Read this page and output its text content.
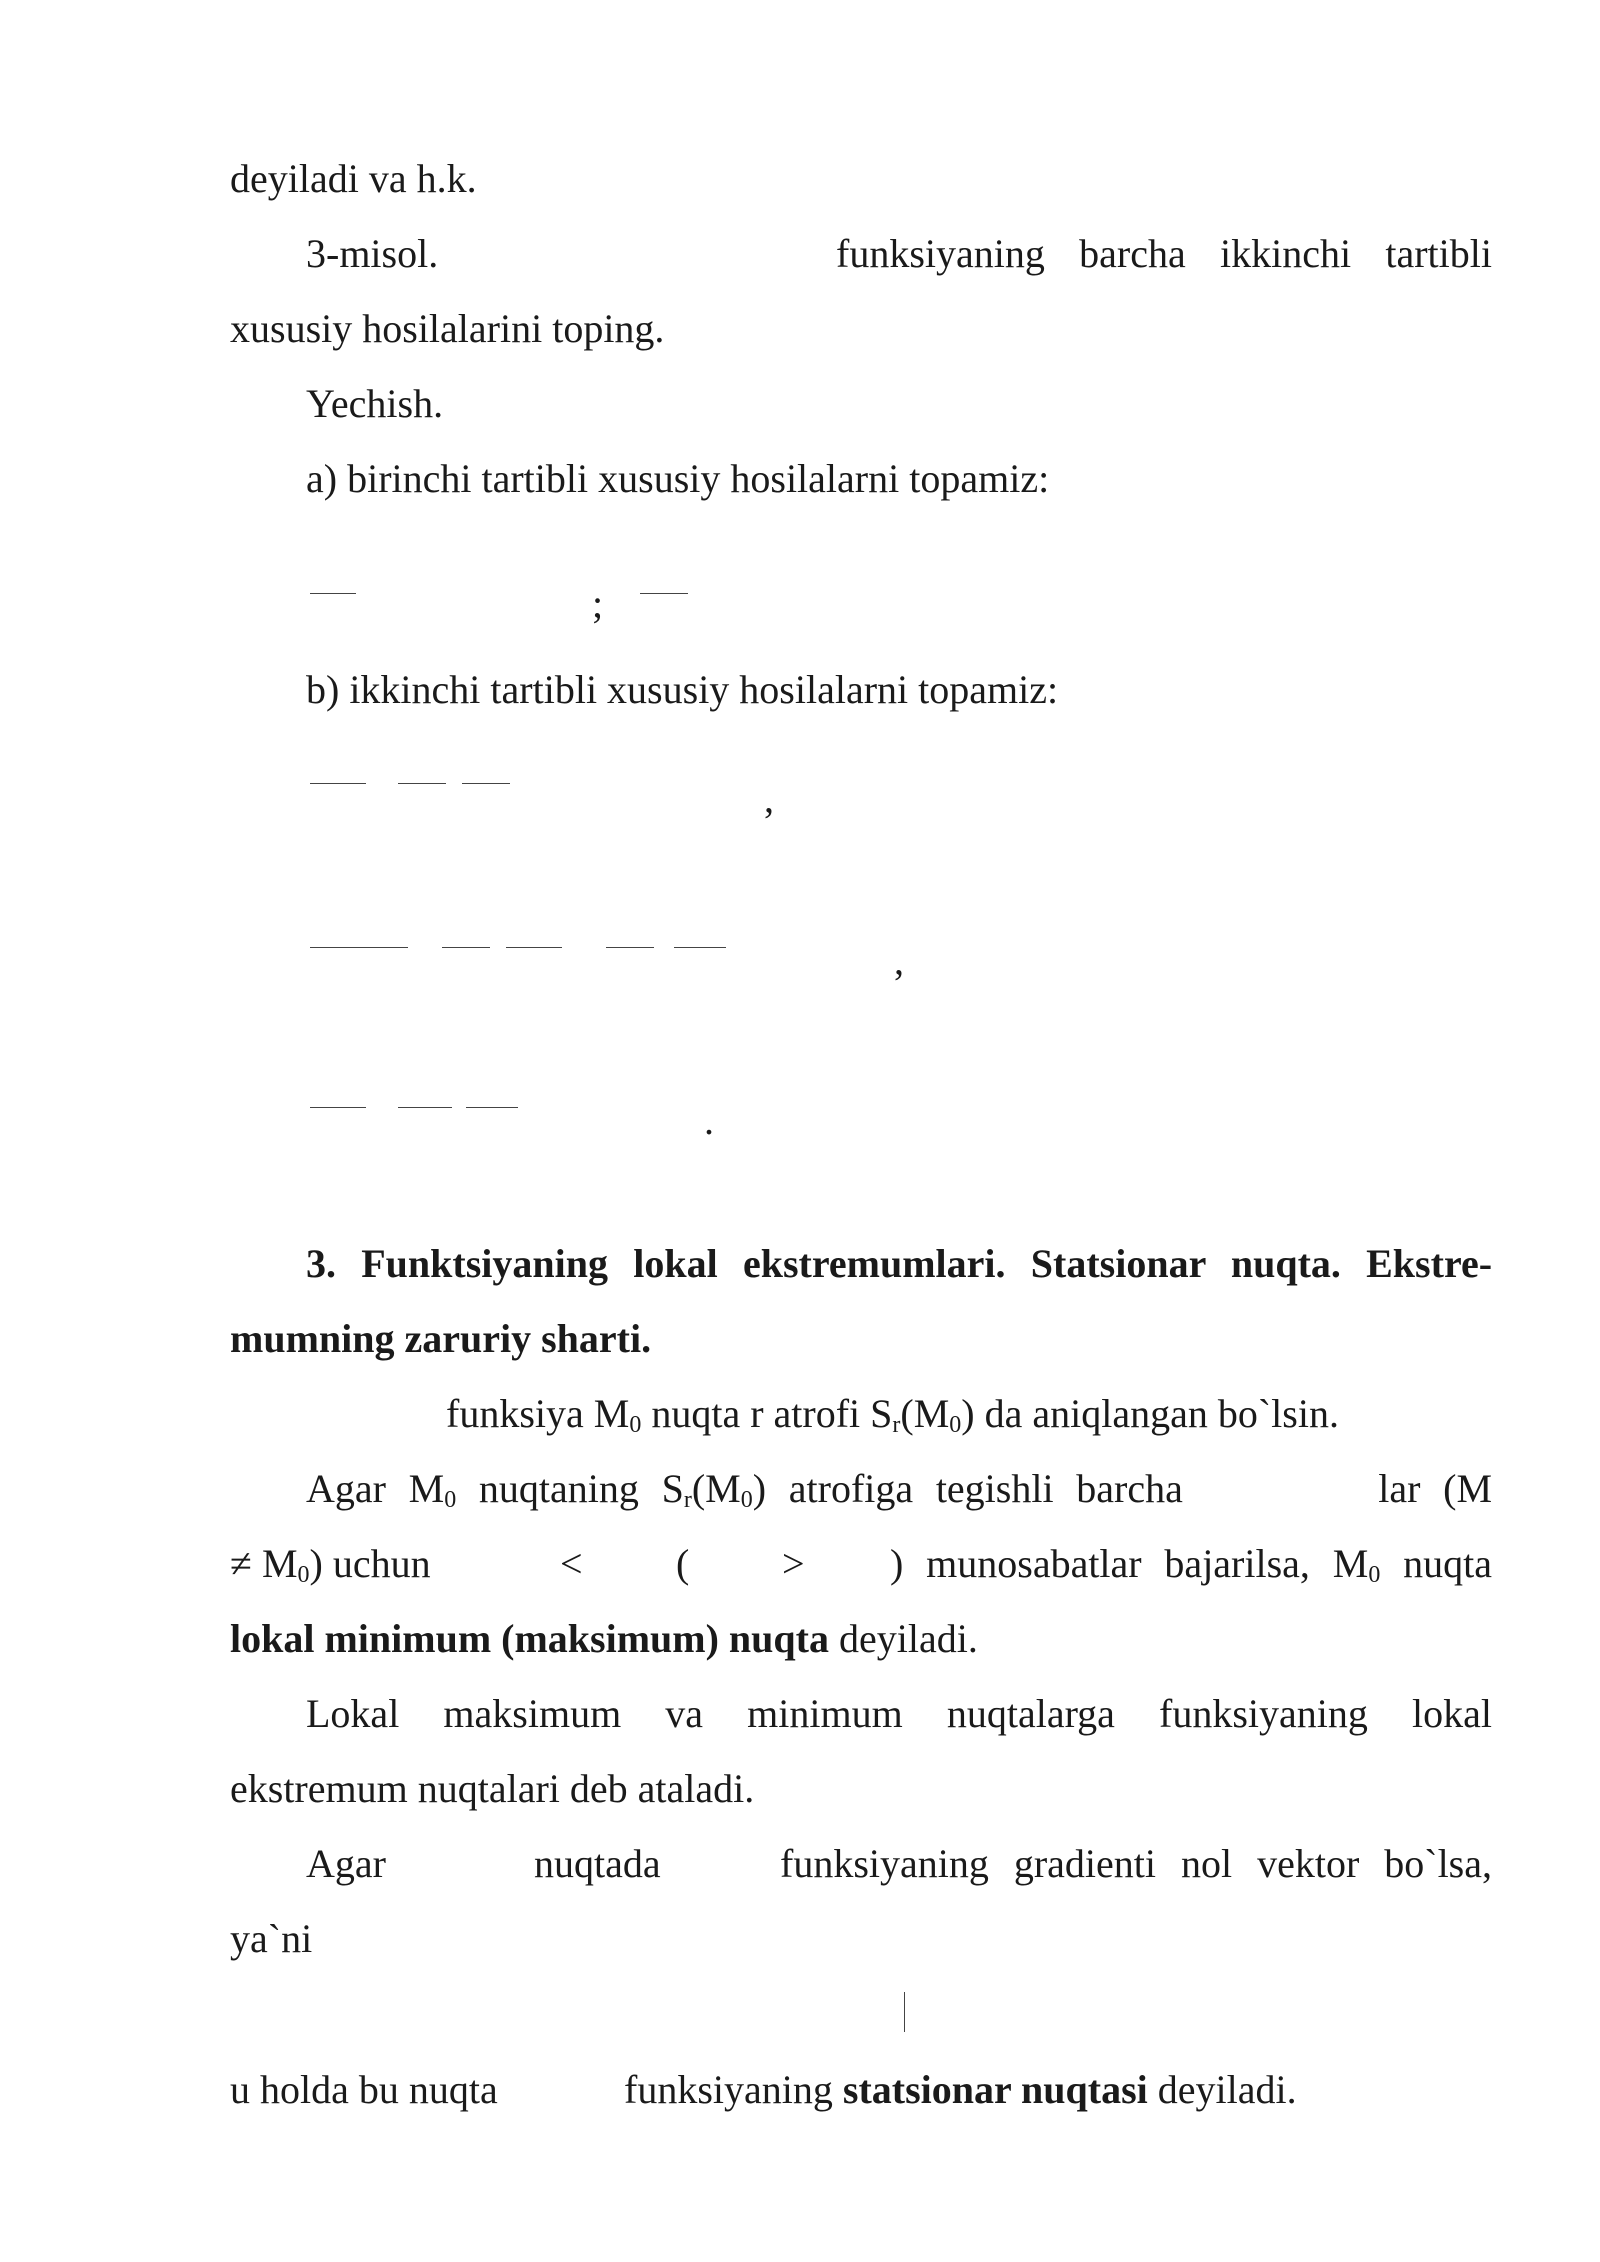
deyiladi va h.k.
3-misol.	funksiyaning barcha ikkinchi tartibli
xususiy hosilalarini toping.
Yechish.
a) birinchi tartibli xususiy hosilalarni topamiz:
;
b) ikkinchi tartibli xususiy hosilalarni topamiz:
,
,
.
3. Funktsiyaning lokal ekstremumlari. Statsionar nuqta. Ekstre-
mumning zaruriy sharti.
funksiya $M_0$ nuqta r atrofi $S_r(M_0)$ da aniqlangan bo`lsin.
Agar $M_0$ nuqtaning $S_r(M_0)$ atrofiga tegishli barcha	lar (M
≠ $M_0$) uchun	< ( > ) munosabatlar bajarilsa, $M_0$ nuqta
lokal minimum (maksimum) nuqta deyiladi.
Lokal maksimum va minimum nuqtalarga funksiyaning lokal
ekstremum nuqtalari deb ataladi.
Agar	nuqtada	funksiyaning gradienti nol vektor bo`lsa,
ya`ni
u holda bu nuqta	funksiyaning statsionar nuqtasi deyiladi.
